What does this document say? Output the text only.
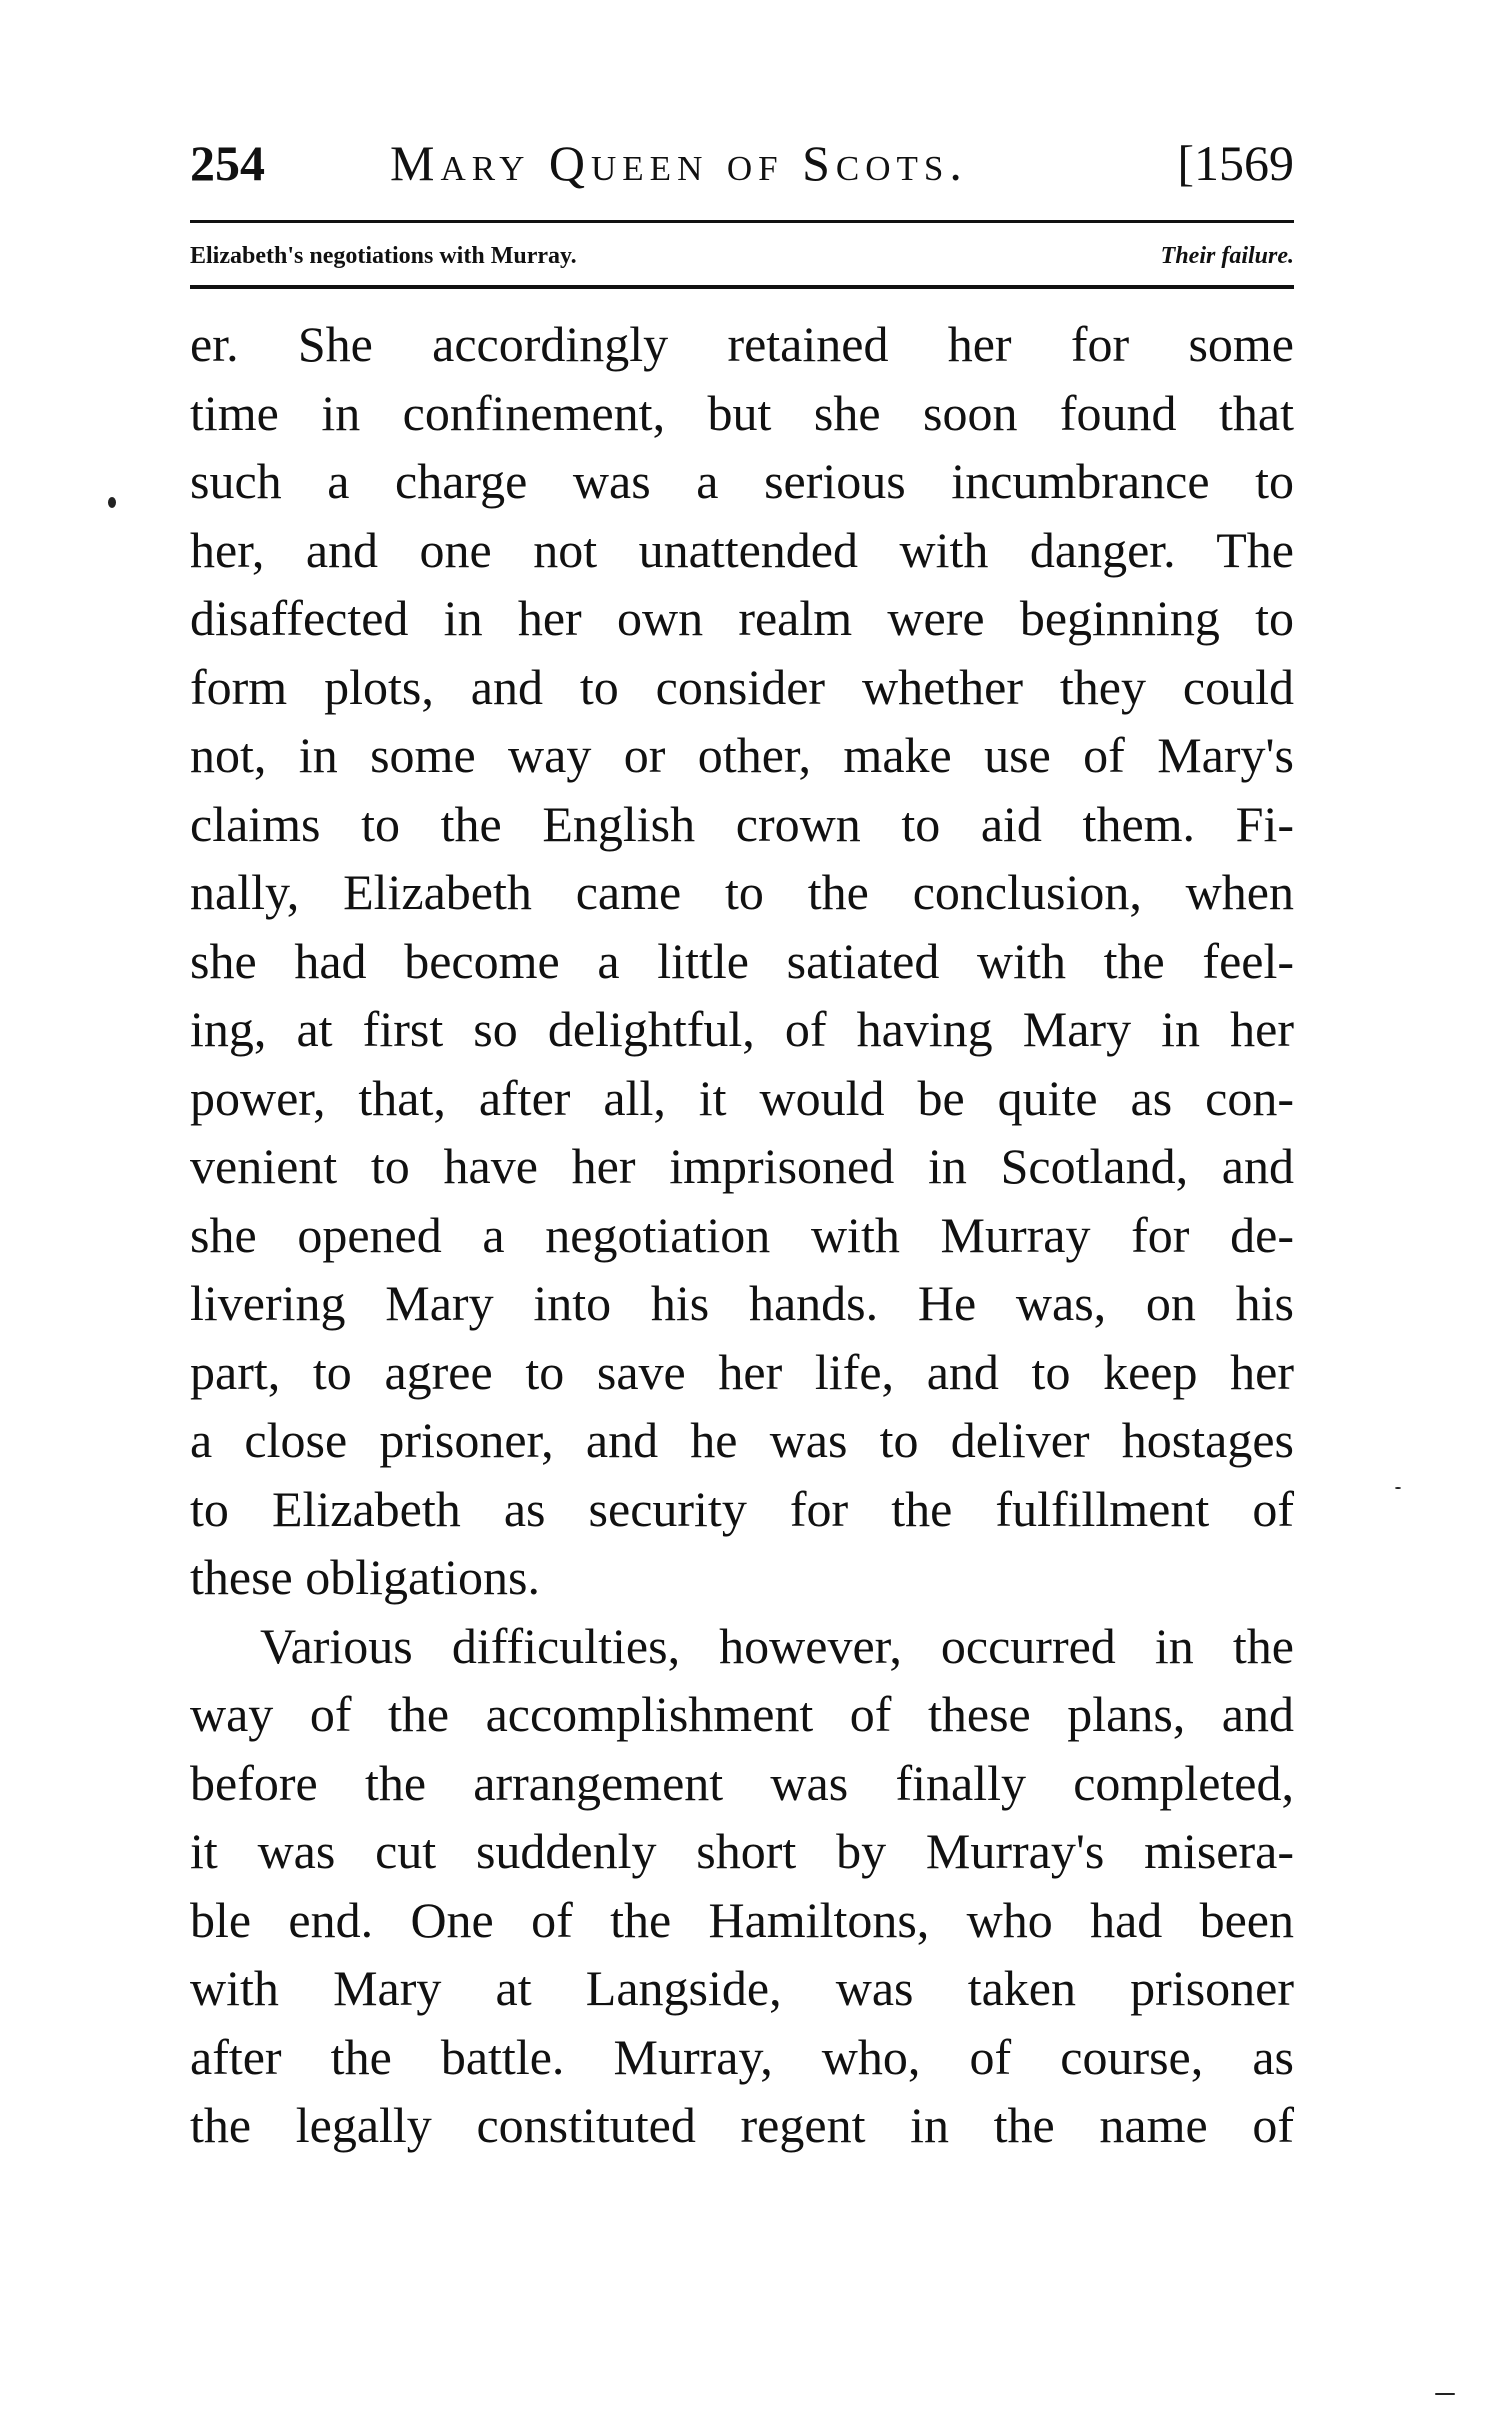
254	Mary Queen of Scots.	[1569
Elizabeth's negotiations with Murray.	Their failure.
er. She accordingly retained her for some
time in confinement, but she soon found that
such a charge was a serious incumbrance to
her, and one not unattended with danger. The
disaffected in her own realm were beginning to
form plots, and to consider whether they could
not, in some way or other, make use of Mary's
claims to the English crown to aid them. Fi-
nally, Elizabeth came to the conclusion, when
she had become a little satiated with the feel-
ing, at first so delightful, of having Mary in her
power, that, after all, it would be quite as con-
venient to have her imprisoned in Scotland, and
she opened a negotiation with Murray for de-
livering Mary into his hands. He was, on his
part, to agree to save her life, and to keep her
a close prisoner, and he was to deliver hostages
to Elizabeth as security for the fulfillment of
these obligations.
Various difficulties, however, occurred in the
way of the accomplishment of these plans, and
before the arrangement was finally completed,
it was cut suddenly short by Murray's misera-
ble end. One of the Hamiltons, who had been
with Mary at Langside, was taken prisoner
after the battle. Murray, who, of course, as
the legally constituted regent in the name of
